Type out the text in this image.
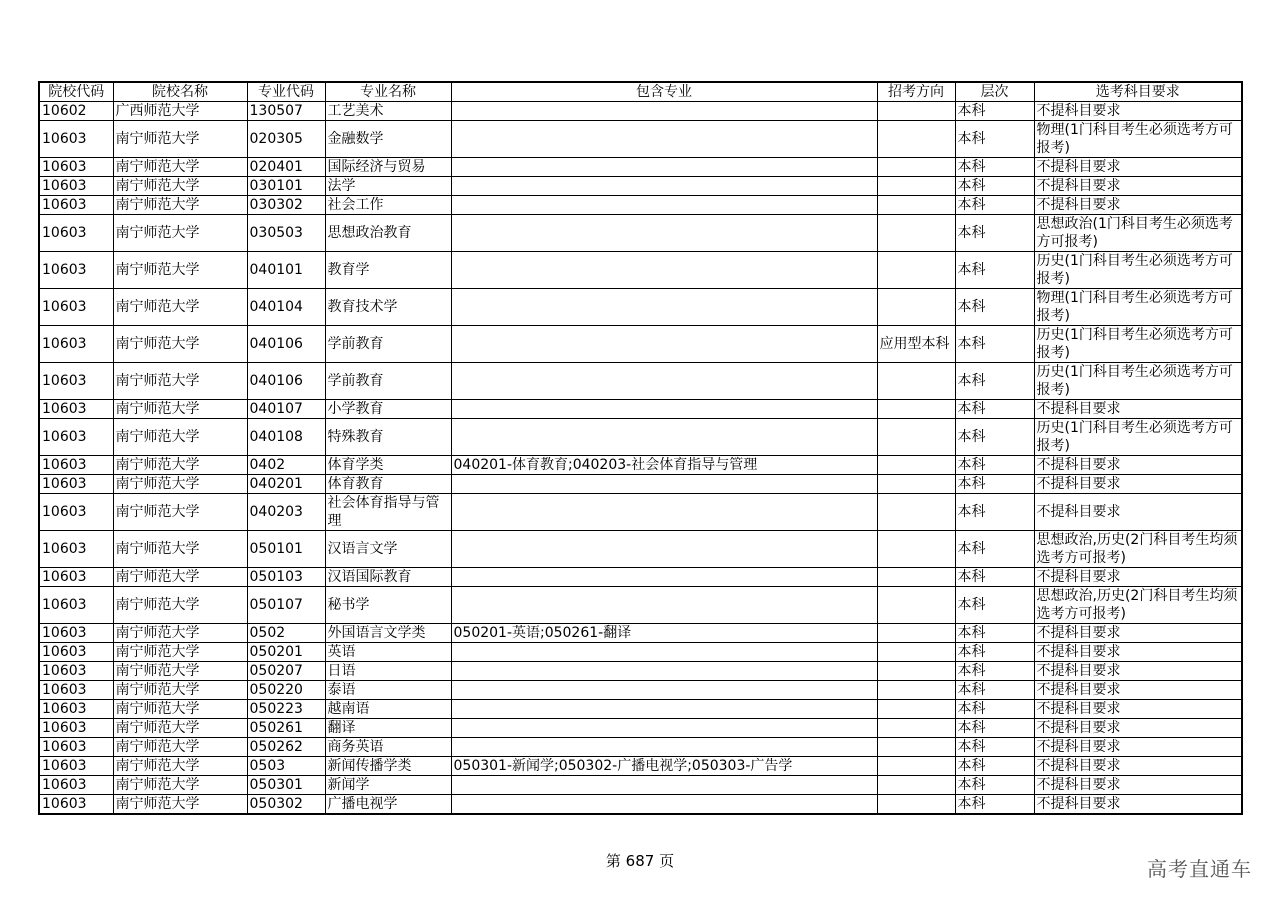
院校代码	院校名称	专业代码	专业名称	包含专业	招考方向	层次	选考科目要求
10602	广西师范大学	130507	工艺美术			本科	不提科目要求
10603	南宁师范大学	020305	金融数学			本科	物理(1门科目考生必须选考方可报考)
10603	南宁师范大学	020401	国际经济与贸易			本科	不提科目要求
10603	南宁师范大学	030101	法学			本科	不提科目要求
10603	南宁师范大学	030302	社会工作			本科	不提科目要求
10603	南宁师范大学	030503	思想政治教育			本科	思想政治(1门科目考生必须选考方可报考)
10603	南宁师范大学	040101	教育学			本科	历史(1门科目考生必须选考方可报考)
10603	南宁师范大学	040104	教育技术学			本科	物理(1门科目考生必须选考方可报考)
10603	南宁师范大学	040106	学前教育		应用型本科	本科	历史(1门科目考生必须选考方可报考)
10603	南宁师范大学	040106	学前教育			本科	历史(1门科目考生必须选考方可报考)
10603	南宁师范大学	040107	小学教育			本科	不提科目要求
10603	南宁师范大学	040108	特殊教育			本科	历史(1门科目考生必须选考方可报考)
10603	南宁师范大学	0402	体育学类	040201-体育教育;040203-社会体育指导与管理		本科	不提科目要求
10603	南宁师范大学	040201	体育教育			本科	不提科目要求
10603	南宁师范大学	040203	社会体育指导与管理			本科	不提科目要求
10603	南宁师范大学	050101	汉语言文学			本科	思想政治,历史(2门科目考生均须选考方可报考)
10603	南宁师范大学	050103	汉语国际教育			本科	不提科目要求
10603	南宁师范大学	050107	秘书学			本科	思想政治,历史(2门科目考生均须选考方可报考)
10603	南宁师范大学	0502	外国语言文学类	050201-英语;050261-翻译		本科	不提科目要求
10603	南宁师范大学	050201	英语			本科	不提科目要求
10603	南宁师范大学	050207	日语			本科	不提科目要求
10603	南宁师范大学	050220	泰语			本科	不提科目要求
10603	南宁师范大学	050223	越南语			本科	不提科目要求
10603	南宁师范大学	050261	翻译			本科	不提科目要求
10603	南宁师范大学	050262	商务英语			本科	不提科目要求
10603	南宁师范大学	0503	新闻传播学类	050301-新闻学;050302-广播电视学;050303-广告学		本科	不提科目要求
10603	南宁师范大学	050301	新闻学			本科	不提科目要求
10603	南宁师范大学	050302	广播电视学			本科	不提科目要求
第 687 页	高考直通车
